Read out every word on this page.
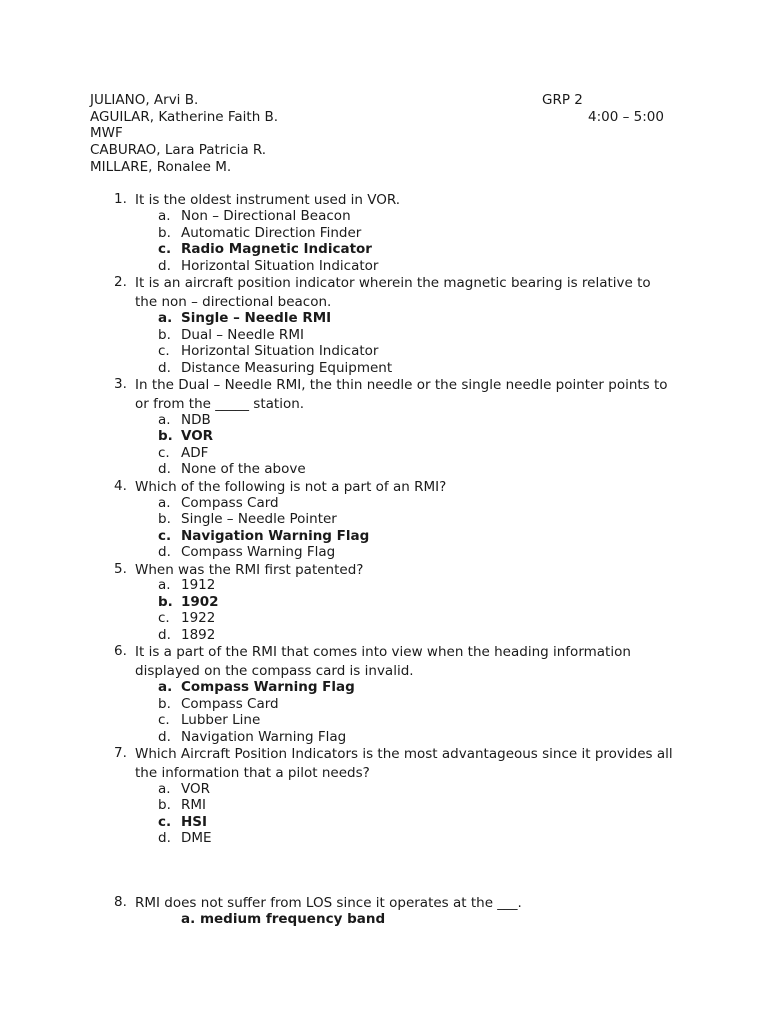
JULIANO, Arvi B.	GRP 2
AGUILAR, Katherine Faith B.	4:00 – 5:00
MWF
CABURAO, Lara Patricia R.
MILLARE, Ronalee M.
1. It is the oldest instrument used in VOR.
a. Non – Directional Beacon
b. Automatic Direction Finder
c. Radio Magnetic Indicator
d. Horizontal Situation Indicator
2. It is an aircraft position indicator wherein the magnetic bearing is relative to the non – directional beacon.
a. Single – Needle RMI
b. Dual – Needle RMI
c. Horizontal Situation Indicator
d. Distance Measuring Equipment
3. In the Dual – Needle RMI, the thin needle or the single needle pointer points to or from the _____ station.
a. NDB
b. VOR
c. ADF
d. None of the above
4. Which of the following is not a part of an RMI?
a. Compass Card
b. Single – Needle Pointer
c. Navigation Warning Flag
d. Compass Warning Flag
5. When was the RMI first patented?
a. 1912
b. 1902
c. 1922
d. 1892
6. It is a part of the RMI that comes into view when the heading information displayed on the compass card is invalid.
a. Compass Warning Flag
b. Compass Card
c. Lubber Line
d. Navigation Warning Flag
7. Which Aircraft Position Indicators is the most advantageous since it provides all the information that a pilot needs?
a. VOR
b. RMI
c. HSI
d. DME
8. RMI does not suffer from LOS since it operates at the ___.
a. medium frequency band
